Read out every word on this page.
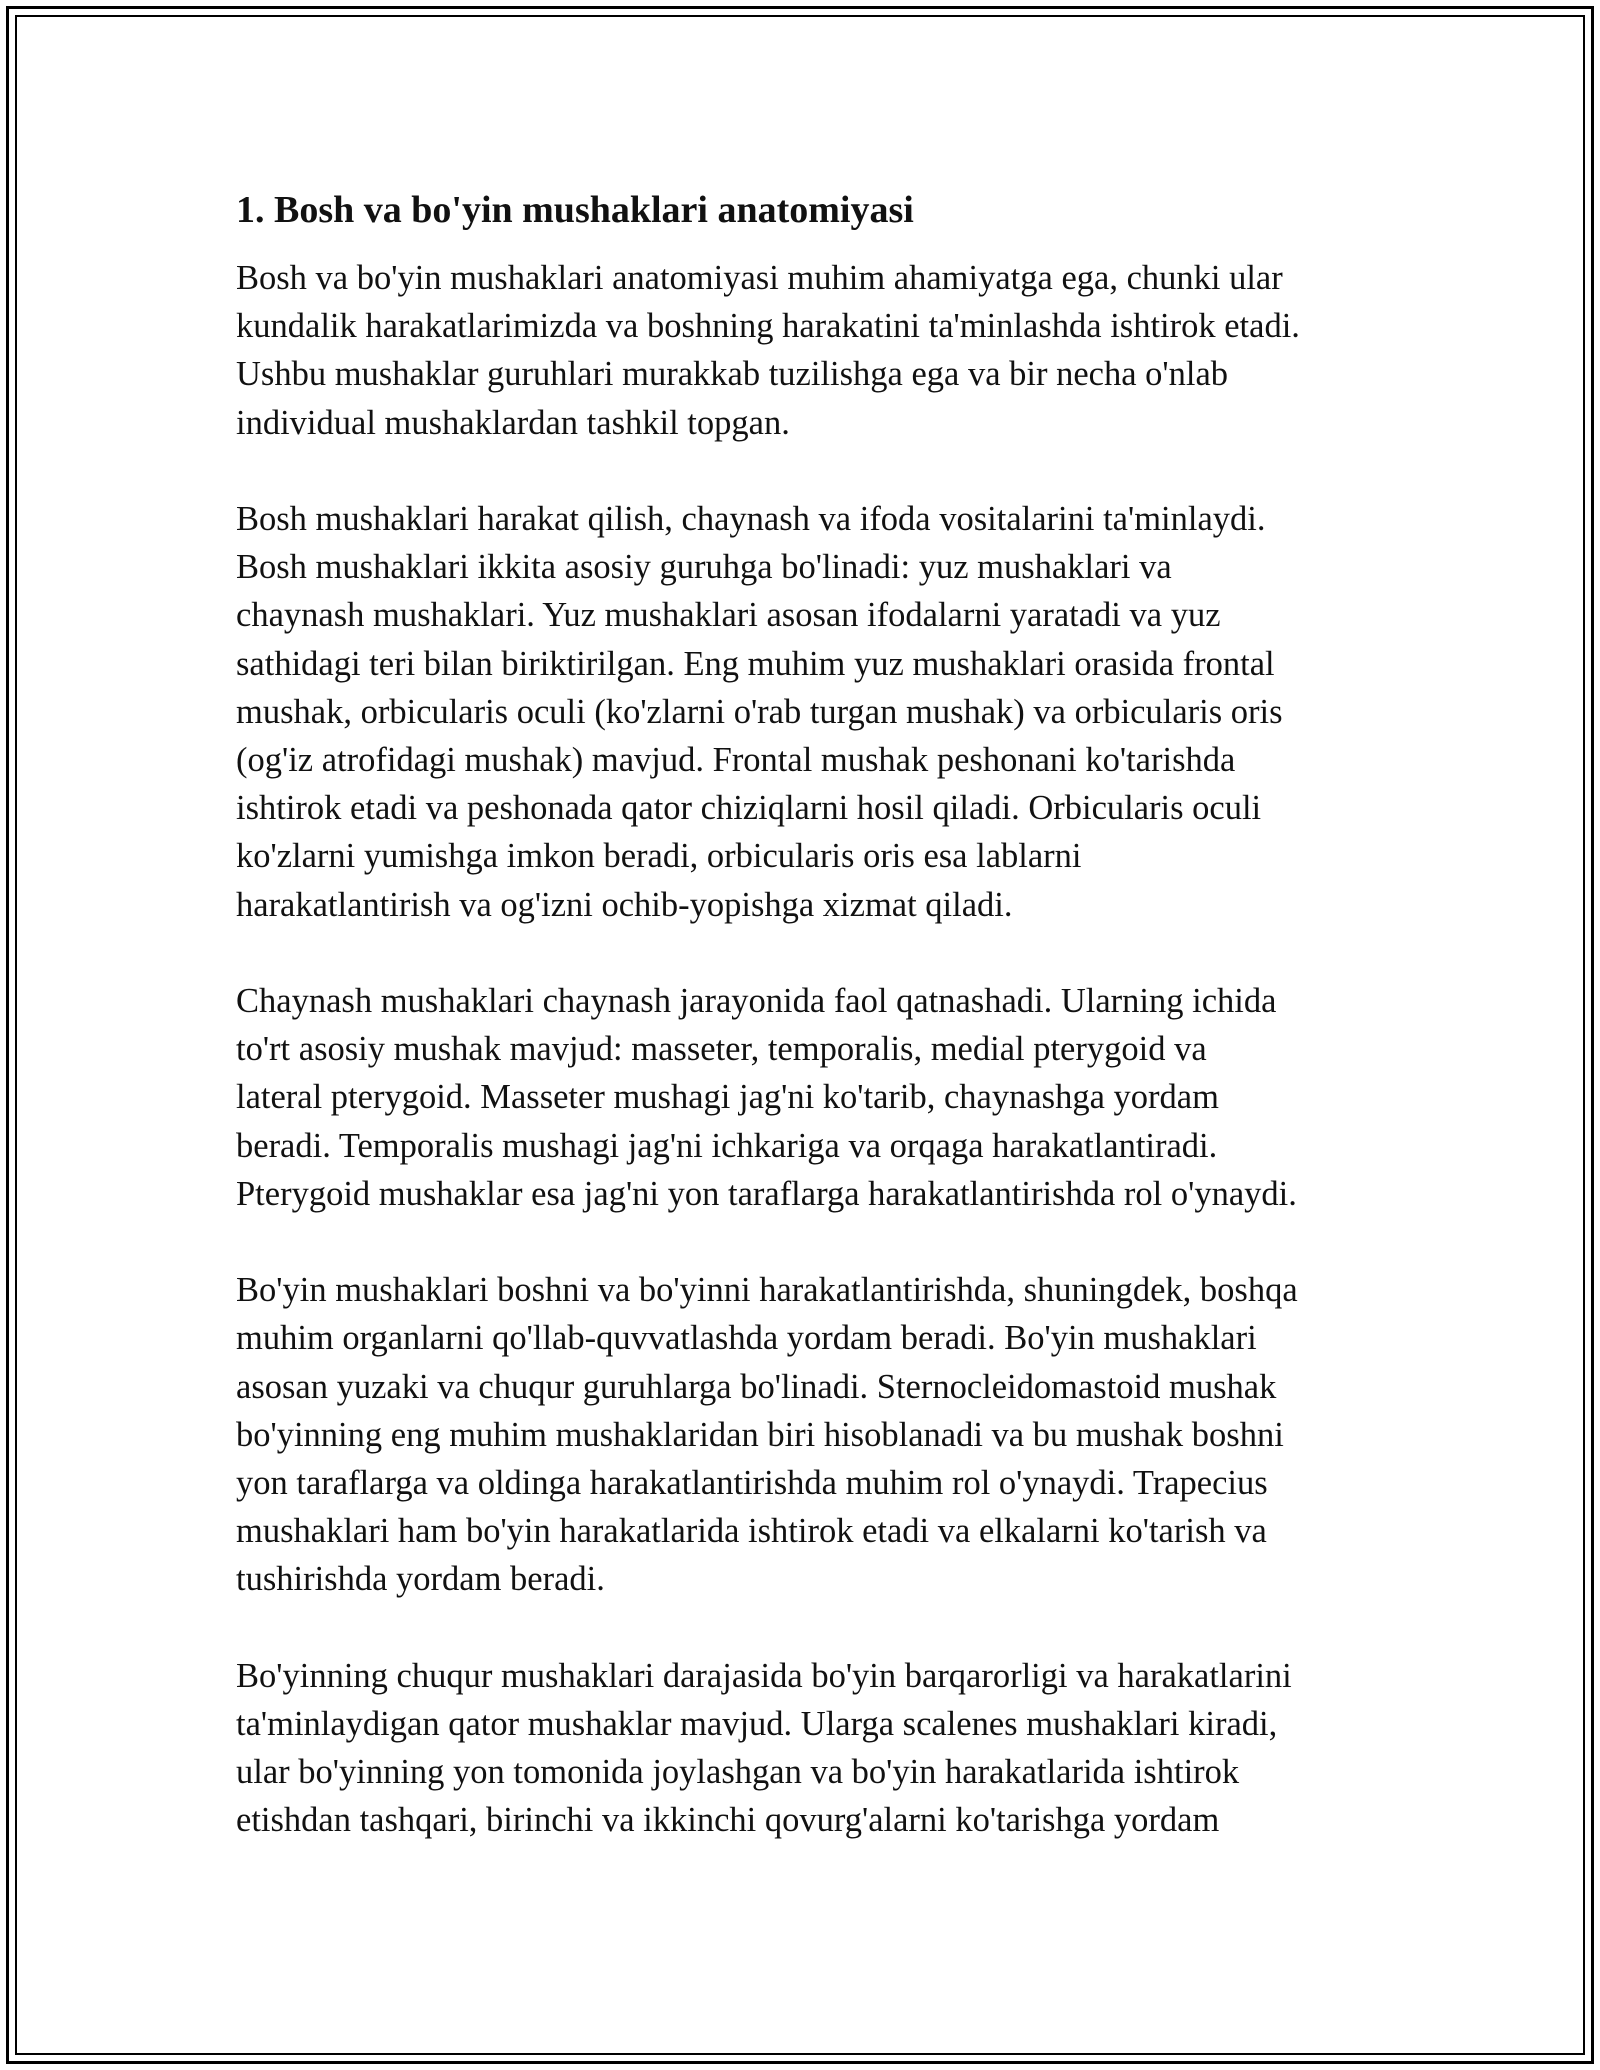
1. Bosh va bo'yin mushaklari anatomiyasi

Bosh va bo'yin mushaklari anatomiyasi muhim ahamiyatga ega, chunki ular
kundalik harakatlarimizda va boshning harakatini ta'minlashda ishtirok etadi.
Ushbu mushaklar guruhlari murakkab tuzilishga ega va bir necha o'nlab
individual mushaklardan tashkil topgan.

Bosh mushaklari harakat qilish, chaynash va ifoda vositalarini ta'minlaydi.
Bosh mushaklari ikkita asosiy guruhga bo'linadi: yuz mushaklari va
chaynash mushaklari. Yuz mushaklari asosan ifodalarni yaratadi va yuz
sathidagi teri bilan biriktirilgan. Eng muhim yuz mushaklari orasida frontal
mushak, orbicularis oculi (ko'zlarni o'rab turgan mushak) va orbicularis oris
(og'iz atrofidagi mushak) mavjud. Frontal mushak peshonani ko'tarishda
ishtirok etadi va peshonada qator chiziqlarni hosil qiladi. Orbicularis oculi
ko'zlarni yumishga imkon beradi, orbicularis oris esa lablarni
harakatlantirish va og'izni ochib-yopishga xizmat qiladi.

Chaynash mushaklari chaynash jarayonida faol qatnashadi. Ularning ichida
to'rt asosiy mushak mavjud: masseter, temporalis, medial pterygoid va
lateral pterygoid. Masseter mushagi jag'ni ko'tarib, chaynashga yordam
beradi. Temporalis mushagi jag'ni ichkariga va orqaga harakatlantiradi.
Pterygoid mushaklar esa jag'ni yon taraflarga harakatlantirishda rol o'ynaydi.

Bo'yin mushaklari boshni va bo'yinni harakatlantirishda, shuningdek, boshqa
muhim organlarni qo'llab-quvvatlashda yordam beradi. Bo'yin mushaklari
asosan yuzaki va chuqur guruhlarga bo'linadi. Sternocleidomastoid mushak
bo'yinning eng muhim mushaklaridan biri hisoblanadi va bu mushak boshni
yon taraflarga va oldinga harakatlantirishda muhim rol o'ynaydi. Trapecius
mushaklari ham bo'yin harakatlarida ishtirok etadi va elkalarni ko'tarish va
tushirishda yordam beradi.

Bo'yinning chuqur mushaklari darajasida bo'yin barqarorligi va harakatlarini
ta'minlaydigan qator mushaklar mavjud. Ularga scalenes mushaklari kiradi,
ular bo'yinning yon tomonida joylashgan va bo'yin harakatlarida ishtirok
etishdan tashqari, birinchi va ikkinchi qovurg'alarni ko'tarishga yordam
